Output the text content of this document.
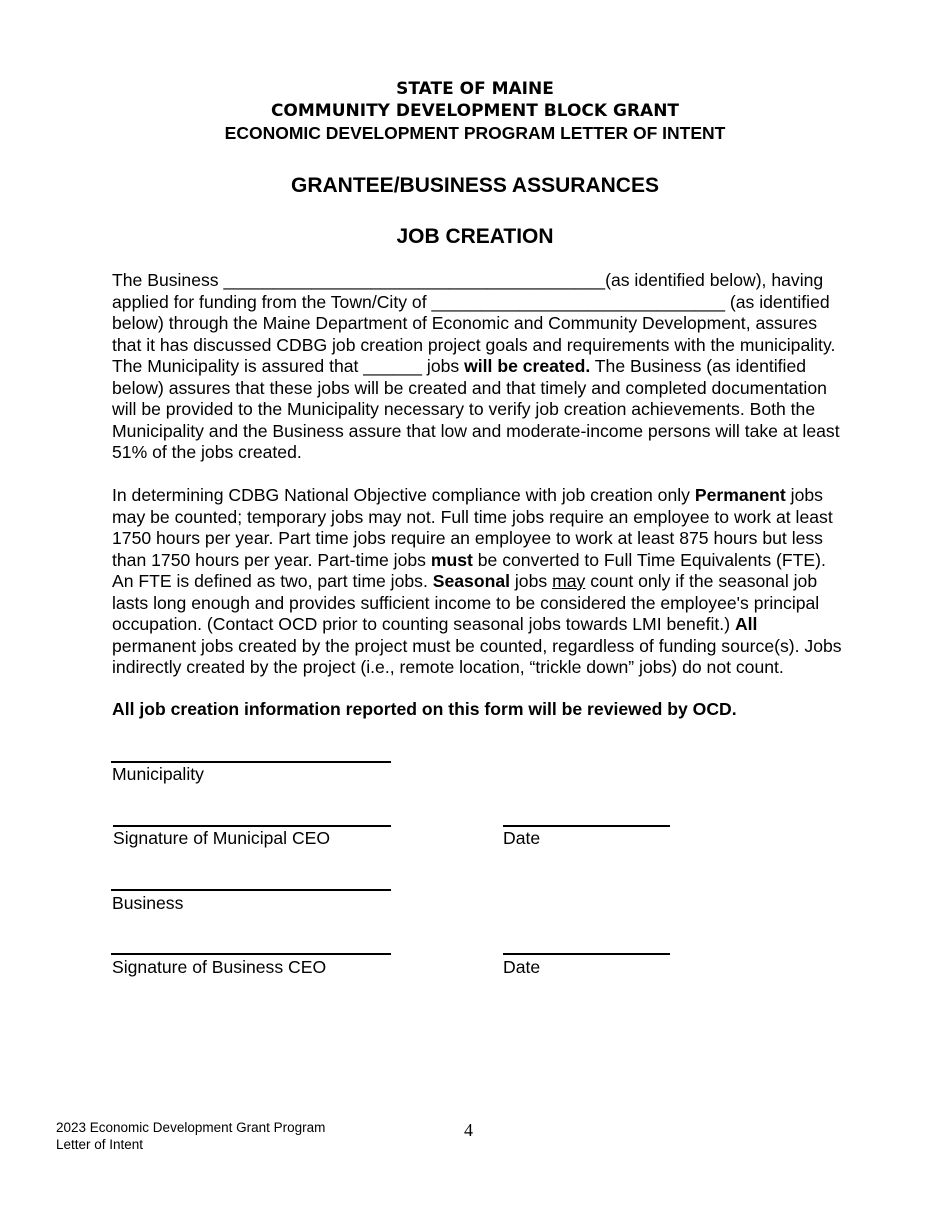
STATE OF MAINE
COMMUNITY DEVELOPMENT BLOCK GRANT
ECONOMIC DEVELOPMENT PROGRAM LETTER OF INTENT
GRANTEE/BUSINESS ASSURANCES
JOB CREATION
The Business _______________________________________(as identified below), having
applied for funding from the Town/City of ______________________________ (as identified
below) through the Maine Department of Economic and Community Development, assures
that it has discussed CDBG job creation project goals and requirements with the municipality.
The Municipality is assured that ______ jobs will be created. The Business (as identified
below) assures that these jobs will be created and that timely and completed documentation
will be provided to the Municipality necessary to verify job creation achievements. Both the
Municipality and the Business assure that low and moderate-income persons will take at least
51% of the jobs created.
In determining CDBG National Objective compliance with job creation only Permanent jobs
may be counted; temporary jobs may not. Full time jobs require an employee to work at least
1750 hours per year. Part time jobs require an employee to work at least 875 hours but less
than 1750 hours per year. Part-time jobs must be converted to Full Time Equivalents (FTE).
An FTE is defined as two, part time jobs. Seasonal jobs may count only if the seasonal job
lasts long enough and provides sufficient income to be considered the employee's principal
occupation. (Contact OCD prior to counting seasonal jobs towards LMI benefit.) All
permanent jobs created by the project must be counted, regardless of funding source(s). Jobs
indirectly created by the project (i.e., remote location, “trickle down” jobs) do not count.
All job creation information reported on this form will be reviewed by OCD.
Municipality
Signature of Municipal CEO	Date
Business
Signature of Business CEO	Date
2023 Economic Development Grant Program
Letter of Intent
4
